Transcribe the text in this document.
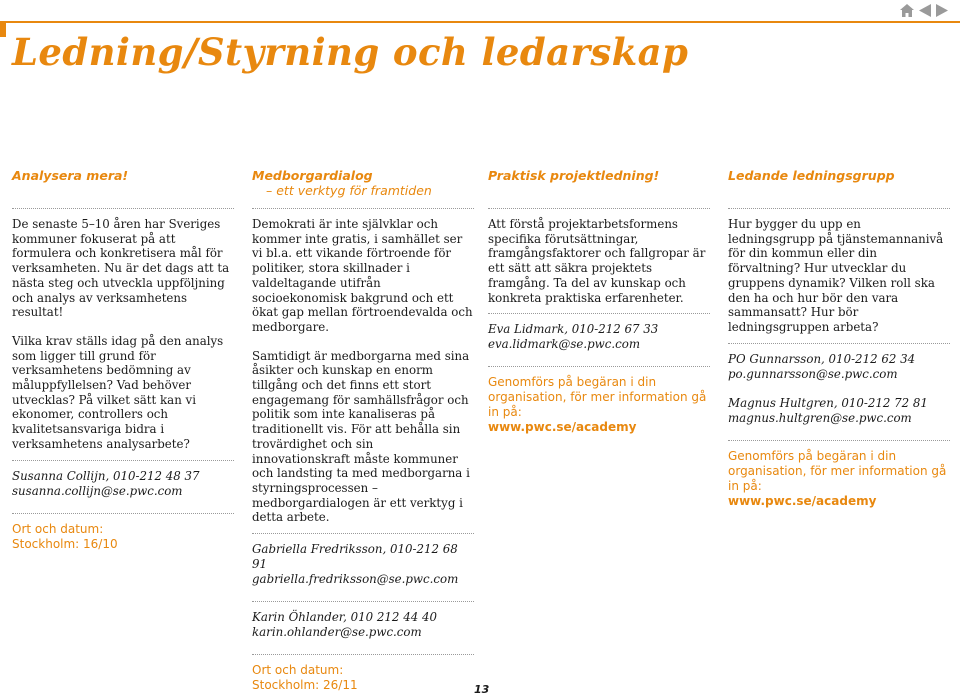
Ledning/Styrning och ledarskap
Analysera mera!

De senaste 5–10 åren har Sveriges kommuner fokuserat på att formulera och konkretisera mål för verksamheten. Nu är det dags att ta nästa steg och utveckla uppföljning och analys av verksamhetens resultat!

Vilka krav ställs idag på den analys som ligger till grund för verksamhetens bedömning av måluppfyllelsen? Vad behöver utvecklas? På vilket sätt kan vi ekonomer, controllers och kvalitetsansvariga bidra i verksamhetens analysarbete?

Susanna Collijn, 010-212 48 37
susanna.collijn@se.pwc.com
Ort och datum:
Stockholm: 16/10
Medborgardialog
– ett verktyg för framtiden

Demokrati är inte självklar och kommer inte gratis, i samhället ser vi bl.a. ett vikande förtroende för politiker, stora skillnader i valdeltagande utifrån socioekonomisk bakgrund och ett ökat gap mellan förtroendevalda och medborgare.

Samtidigt är medborgarna med sina åsikter och kunskap en enorm tillgång och det finns ett stort engagemang för samhällsfrågor och politik som inte kanaliseras på traditionellt vis. För att behålla sin trovärdighet och sin innovationskraft måste kommuner och landsting ta med medborgarna i styrningsprocessen – medborgardialogen är ett verktyg i detta arbete.

Gabriella Fredriksson, 010-212 68 91
gabriella.fredriksson@se.pwc.com
Karin Öhlander, 010 212 44 40
karin.ohlander@se.pwc.com
Ort och datum:
Stockholm: 26/11
Praktisk projektledning!

Att förstå projektarbetsformens specifika förutsättningar, framgångsfaktorer och fallgropar är ett sätt att säkra projektets framgång. Ta del av kunskap och konkreta praktiska erfarenheter.

Eva Lidmark, 010-212 67 33
eva.lidmark@se.pwc.com
Genomförs på begäran i din organisation, för mer information gå in på:
www.pwc.se/academy
Ledande ledningsgrupp

Hur bygger du upp en ledningsgrupp på tjänstemannanivå för din kommun eller din förvaltning? Hur utvecklar du gruppens dynamik? Vilken roll ska den ha och hur bör den vara sammansatt? Hur bör ledningsgruppen arbeta?

PO Gunnarsson, 010-212 62 34
po.gunnarsson@se.pwc.com
Magnus Hultgren, 010-212 72 81
magnus.hultgren@se.pwc.com
Genomförs på begäran i din organisation, för mer information gå in på:
www.pwc.se/academy
13
